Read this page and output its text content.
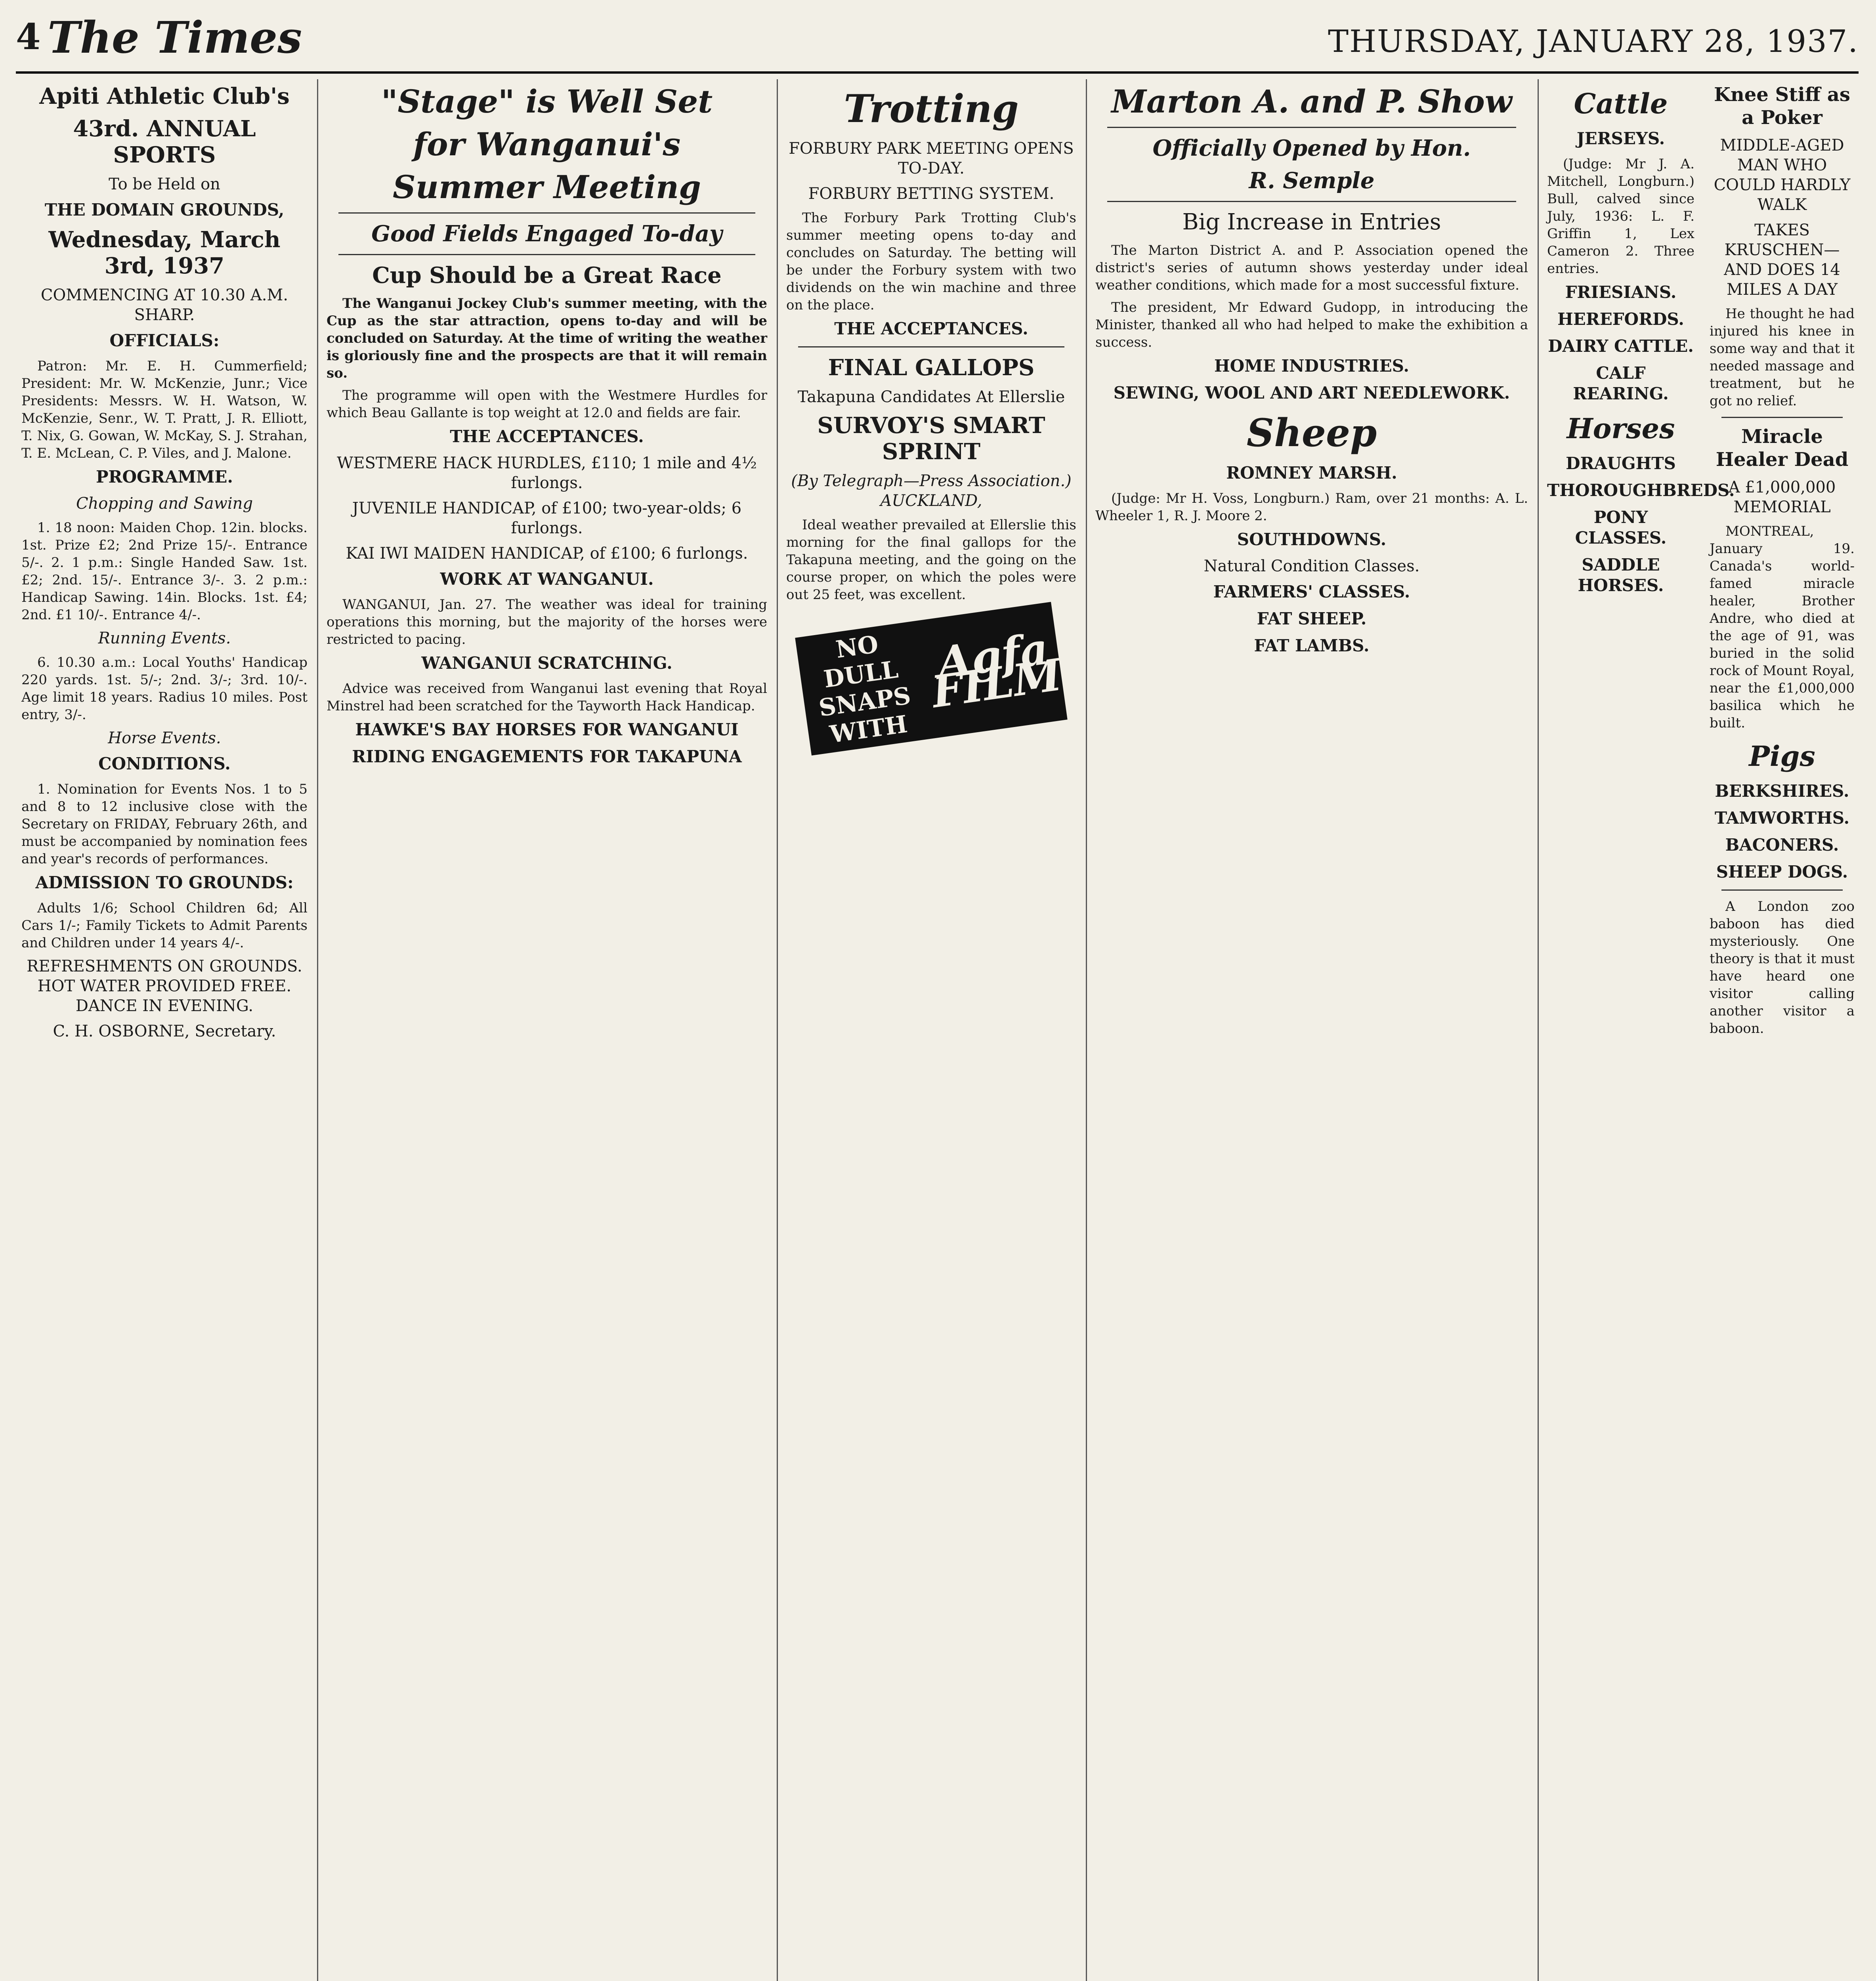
4 The Times	THURSDAY, JANUARY 28, 1937.
Apiti Athletic Club's
43rd. ANNUAL SPORTS
To be Held on
THE DOMAIN GROUNDS,
Wednesday, March 3rd, 1937
COMMENCING AT 10.30 A.M. SHARP.
OFFICIALS:

Patron: Mr. E. H. Cummerfield; President: Mr. W. McKenzie, Junr.; Vice Presidents: Messrs. W. H. Watson, W. McKenzie, Senr., W. T. Pratt, J. R. Elliott, T. Nix, G. Gowan, W. McKay, S. J. Strahan, T. E. McLean, C. P. Viles, and J. Malone.

PROGRAMME.
Chopping and Sawing

1. 18 noon: Maiden Chop. 12in. blocks. 1st. Prize £2; 2nd Prize 15/-. Entrance 5/-. 2. 1 p.m.: Single Handed Saw. 1st. £2; 2nd. 15/-. Entrance 3/-. 3. 2 p.m.: Handicap Sawing. 14in. Blocks. 1st. £4; 2nd. £1 10/-. Entrance 4/-.

Running Events.

6. 10.30 a.m.: Local Youths' Handicap 220 yards. 1st. 5/-; 2nd. 3/-; 3rd. 10/-. Age limit 18 years. Radius 10 miles. Post entry, 3/-.

Horse Events.
CONDITIONS.

1. Nomination for Events Nos. 1 to 5 and 8 to 12 inclusive close with the Secretary on FRIDAY, February 26th, and must be accompanied by nomination fees and year's records of performances.

ADMISSION TO GROUNDS:

Adults 1/6; School Children 6d; All Cars 1/-; Family Tickets to Admit Parents and Children under 14 years 4/-.

REFRESHMENTS ON GROUNDS. HOT WATER PROVIDED FREE. DANCE IN EVENING.
C. H. OSBORNE, Secretary.
"Stage" is Well Set
for Wanganui's
Summer Meeting
Good Fields Engaged To-day
Cup Should be a Great Race

The Wanganui Jockey Club's summer meeting, with the Cup as the star attraction, opens to-day and will be concluded on Saturday. At the time of writing the weather is gloriously fine and the prospects are that it will remain so.

The programme will open with the Westmere Hurdles for which Beau Gallante is top weight at 12.0 and fields are fair.

THE ACCEPTANCES.
WESTMERE HACK HURDLES, £110; 1 mile and 4½ furlongs.
JUVENILE HANDICAP, of £100; two-year-olds; 6 furlongs.
KAI IWI MAIDEN HANDICAP, of £100; 6 furlongs.
WORK AT WANGANUI.

WANGANUI, Jan. 27. The weather was ideal for training operations this morning, but the majority of the horses were restricted to pacing.

WANGANUI SCRATCHING.

Advice was received from Wanganui last evening that Royal Minstrel had been scratched for the Tayworth Hack Handicap.

HAWKE'S BAY HORSES FOR WANGANUI
RIDING ENGAGEMENTS FOR TAKAPUNA
Trotting
FORBURY PARK MEETING OPENS TO-DAY.
FORBURY BETTING SYSTEM.

The Forbury Park Trotting Club's summer meeting opens to-day and concludes on Saturday. The betting will be under the Forbury system with two dividends on the win machine and three on the place.

THE ACCEPTANCES.
FINAL GALLOPS
Takapuna Candidates At Ellerslie
SURVOY'S SMART SPRINT
(By Telegraph—Press Association.) AUCKLAND,

Ideal weather prevailed at Ellerslie this morning for the final gallops for the Takapuna meeting, and the going on the course proper, on which the poles were out 25 feet, was excellent.

NO DULL SNAPS WITH
Agfa FILM
Marton A. and P. Show
Officially Opened by Hon.
R. Semple
Big Increase in Entries

The Marton District A. and P. Association opened the district's series of autumn shows yesterday under ideal weather conditions, which made for a most successful fixture.

The president, Mr Edward Gudopp, in introducing the Minister, thanked all who had helped to make the exhibition a success.

HOME INDUSTRIES.
SEWING, WOOL AND ART NEEDLEWORK.
Sheep
ROMNEY MARSH.

(Judge: Mr H. Voss, Longburn.) Ram, over 21 months: A. L. Wheeler 1, R. J. Moore 2.

SOUTHDOWNS.
Natural Condition Classes.
FARMERS' CLASSES.
FAT SHEEP.
FAT LAMBS.
Cattle
JERSEYS.

(Judge: Mr J. A. Mitchell, Longburn.) Bull, calved since July, 1936: L. F. Griffin 1, Lex Cameron 2. Three entries.

FRIESIANS.
HEREFORDS.
DAIRY CATTLE.
CALF REARING.
Horses
DRAUGHTS
THOROUGHBREDS.
PONY CLASSES.
SADDLE HORSES.
Knee Stiff as a Poker
MIDDLE-AGED MAN WHO COULD HARDLY WALK
TAKES KRUSCHEN—AND DOES 14 MILES A DAY

He thought he had injured his knee in some way and that it needed massage and treatment, but he got no relief.

Miracle Healer Dead
A £1,000,000 MEMORIAL

MONTREAL, January 19. Canada's world-famed miracle healer, Brother Andre, who died at the age of 91, was buried in the solid rock of Mount Royal, near the £1,000,000 basilica which he built.

Pigs
BERKSHIRES.
TAMWORTHS.
BACONERS.
SHEEP DOGS.

A London zoo baboon has died mysteriously. One theory is that it must have heard one visitor calling another visitor a baboon.
